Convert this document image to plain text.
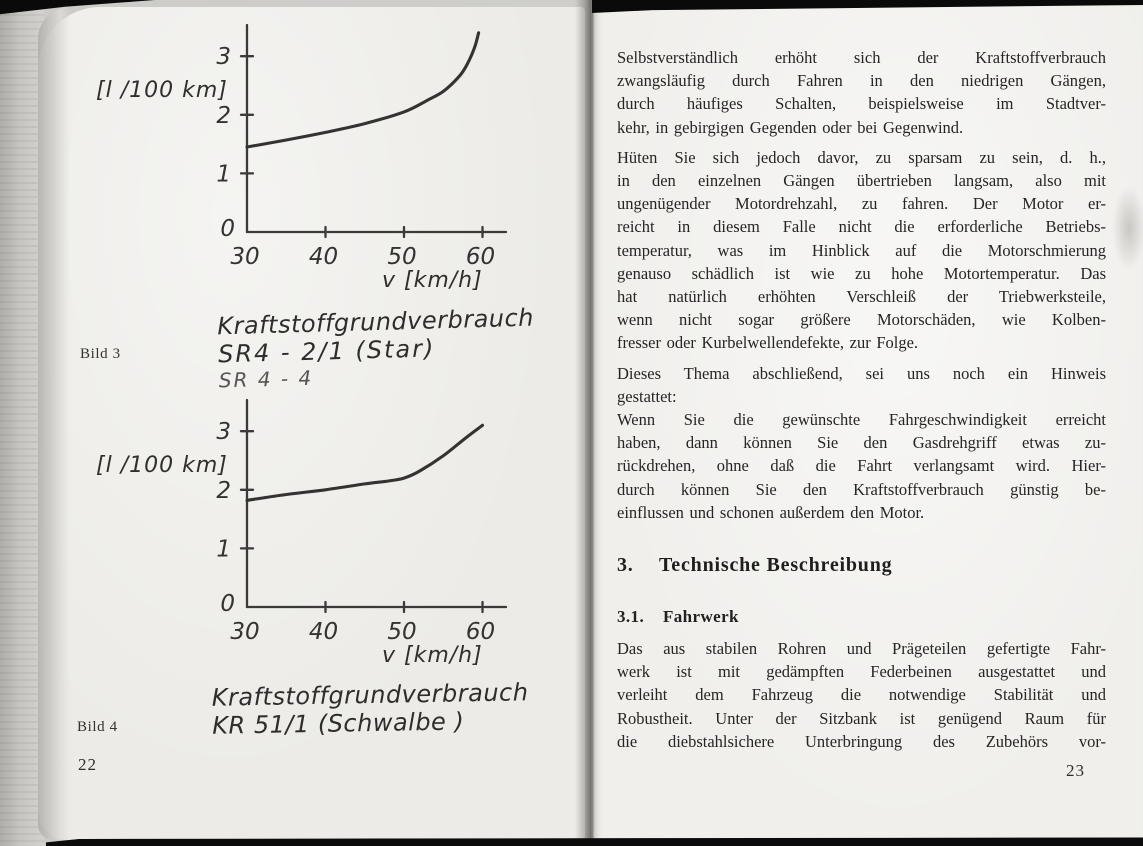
30 40 50 60
0
1
2
3
[l /100 km]
v [km/h]
30 40 50 60
0
1
2
3
[l /100 km]
v [km/h]
Kraftstoffgrundverbrauch
SR4 - 2/1 (Star)
SR 4 - 4
Kraftstoffgrundverbrauch
KR 51/1 (Schwalbe )
Bild 3
Bild 4
22
Selbstverständlich erhöht sich der Kraftstoffverbrauch
zwangsläufig durch Fahren in den niedrigen Gängen,
durch häufiges Schalten, beispielsweise im Stadtver-
kehr, in gebirgigen Gegenden oder bei Gegenwind.
Hüten Sie sich jedoch davor, zu sparsam zu sein, d. h.,
in den einzelnen Gängen übertrieben langsam, also mit
ungenügender Motordrehzahl, zu fahren. Der Motor er-
reicht in diesem Falle nicht die erforderliche Betriebs-
temperatur, was im Hinblick auf die Motorschmierung
genauso schädlich ist wie zu hohe Motortemperatur. Das
hat natürlich erhöhten Verschleiß der Triebwerksteile,
wenn nicht sogar größere Motorschäden, wie Kolben-
fresser oder Kurbelwellendefekte, zur Folge.
Dieses Thema abschließend, sei uns noch ein Hinweis
gestattet:
Wenn Sie die gewünschte Fahrgeschwindigkeit erreicht
haben, dann können Sie den Gasdrehgriff etwas zu-
rückdrehen, ohne daß die Fahrt verlangsamt wird. Hier-
durch können Sie den Kraftstoffverbrauch günstig be-
einflussen und schonen außerdem den Motor.
3.	Technische Beschreibung
3.1.	Fahrwerk
Das aus stabilen Rohren und Prägeteilen gefertigte Fahr-
werk ist mit gedämpften Federbeinen ausgestattet und
verleiht dem Fahrzeug die notwendige Stabilität und
Robustheit. Unter der Sitzbank ist genügend Raum für
die diebstahlsichere Unterbringung des Zubehörs vor-
23
